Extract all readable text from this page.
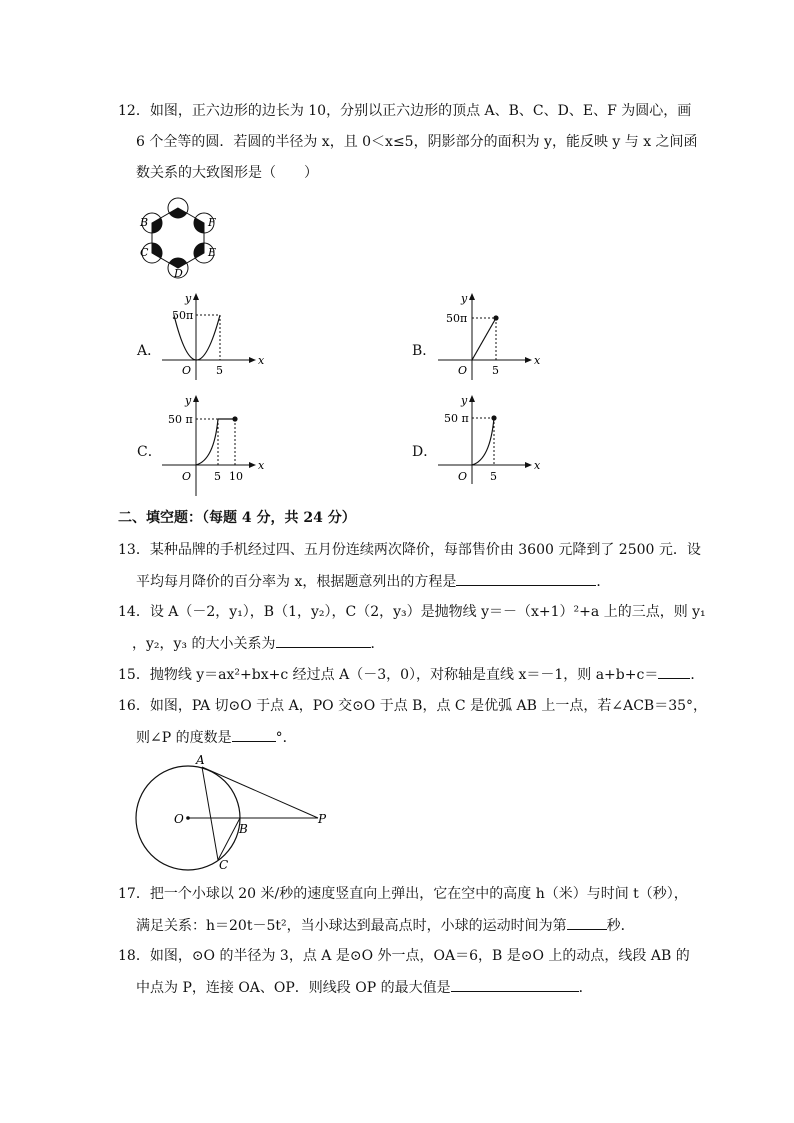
12．如图，正六边形的边长为 10，分别以正六边形的顶点 A、B、C、D、E、F 为圆心，画
6 个全等的圆．若圆的半径为 x，且 0＜x≤5，阴影部分的面积为 y，能反映 y 与 x 之间函
数关系的大致图形是（　　）
A
B
C
D
E
F
A．
y
x
O
50π
5
B．
y
x
O
50π
5
C．
y
x
O
50 π
5 10
D．
y
x
O
50 π
5
二、填空题：（每题 4 分，共 24 分）
13．某种品牌的手机经过四、五月份连续两次降价，每部售价由 3600 元降到了 2500 元．设
平均每月降价的百分率为 x，根据题意列出的方程是	．
14．设 A（－2，y₁），B（1，y₂），C（2，y₃）是抛物线 y＝－（x+1）²+a 上的三点，则 y₁
，y₂，y₃ 的大小关系为	．
15．抛物线 y＝ax²+bx+c 经过点 A（－3，0），对称轴是直线 x＝－1，则 a+b+c＝ ．
16．如图，PA 切⊙O 于点 A，PO 交⊙O 于点 B，点 C 是优弧 AB 上一点，若∠ACB＝35°，
则∠P 的度数是	°．
A
O
B
P
C
17．把一个小球以 20 米/秒的速度竖直向上弹出，它在空中的高度 h（米）与时间 t（秒），
满足关系：h＝20t－5t²，当小球达到最高点时，小球的运动时间为第	秒．
18．如图，⊙O 的半径为 3，点 A 是⊙O 外一点，OA＝6，B 是⊙O 上的动点，线段 AB 的
中点为 P，连接 OA、OP．则线段 OP 的最大值是	．
